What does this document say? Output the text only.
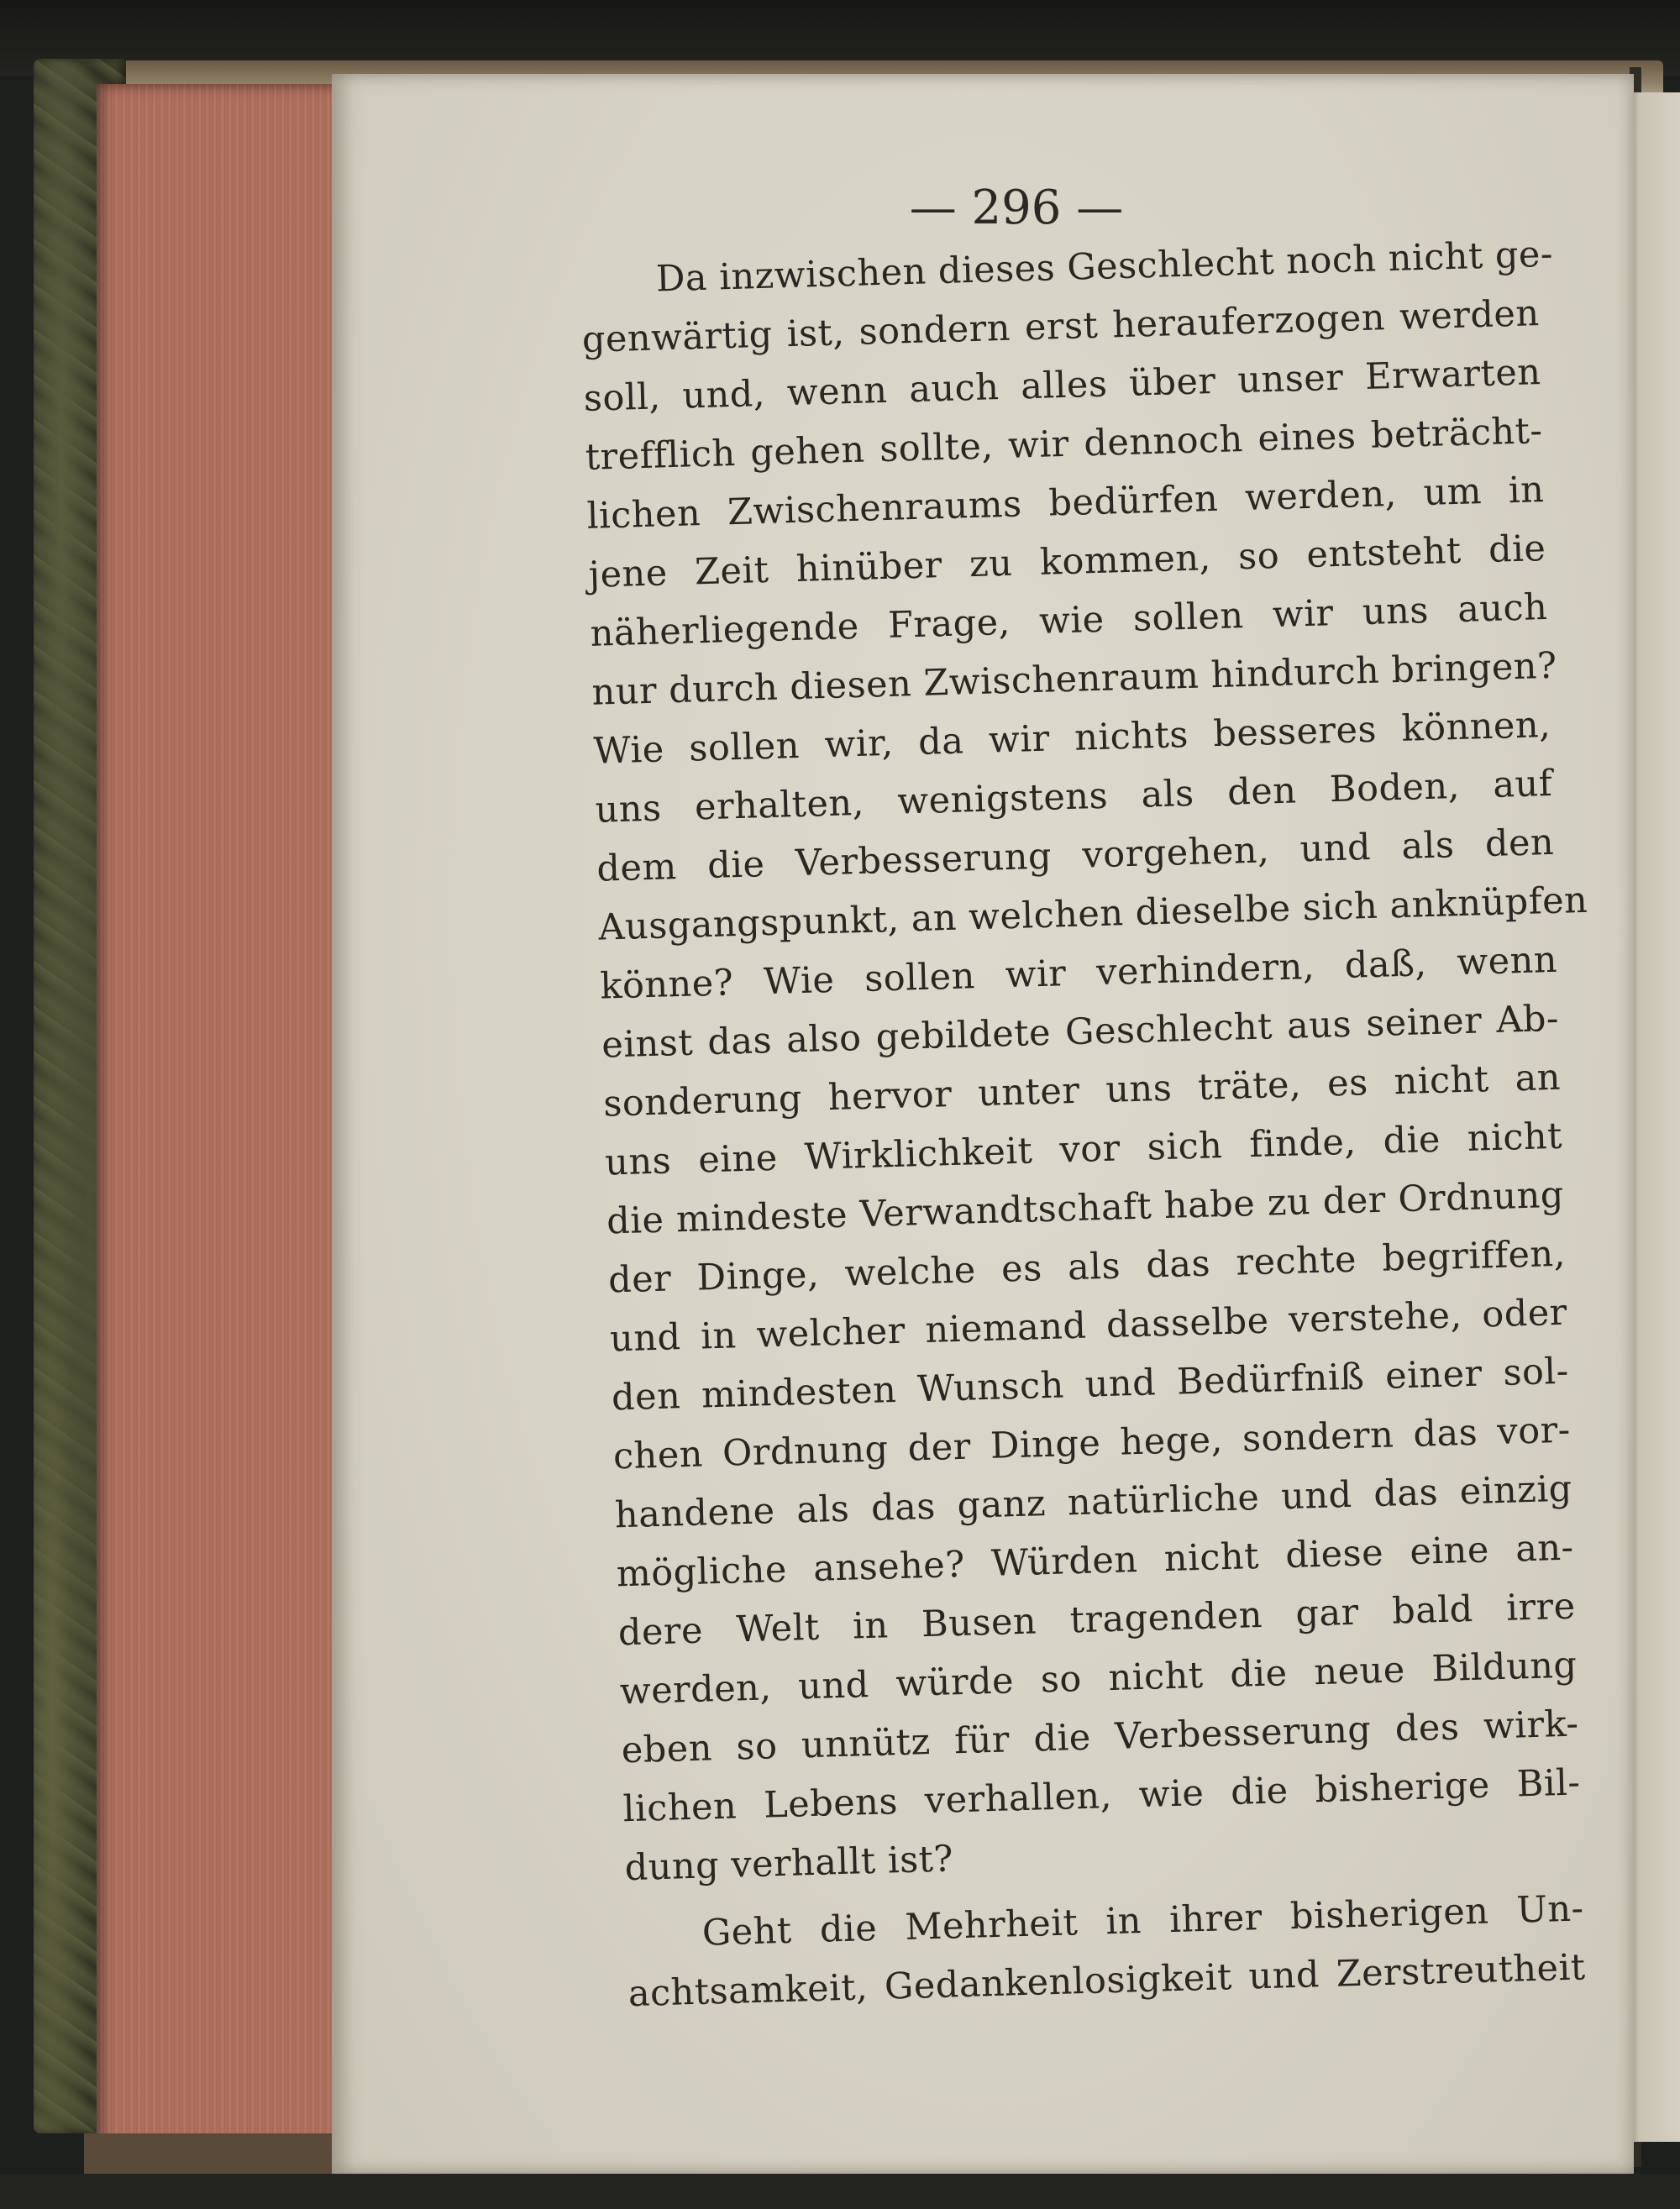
— 296 —
Da inzwischen dieses Geschlecht noch nicht ge-
genwärtig ist, sondern erst herauferzogen werden
soll, und, wenn auch alles über unser Erwarten
trefflich gehen sollte, wir dennoch eines beträcht-
lichen Zwischenraums bedürfen werden, um in
jene Zeit hinüber zu kommen, so entsteht die
näherliegende Frage, wie sollen wir uns auch
nur durch diesen Zwischenraum hindurch bringen?
Wie sollen wir, da wir nichts besseres können,
uns erhalten, wenigstens als den Boden, auf
dem die Verbesserung vorgehen, und als den
Ausgangspunkt, an welchen dieselbe sich anknüpfen
könne? Wie sollen wir verhindern, daß, wenn
einst das also gebildete Geschlecht aus seiner Ab-
sonderung hervor unter uns träte, es nicht an
uns eine Wirklichkeit vor sich finde, die nicht
die mindeste Verwandtschaft habe zu der Ordnung
der Dinge, welche es als das rechte begriffen,
und in welcher niemand dasselbe verstehe, oder
den mindesten Wunsch und Bedürfniß einer sol-
chen Ordnung der Dinge hege, sondern das vor-
handene als das ganz natürliche und das einzig
mögliche ansehe? Würden nicht diese eine an-
dere Welt in Busen tragenden gar bald irre
werden, und würde so nicht die neue Bildung
eben so unnütz für die Verbesserung des wirk-
lichen Lebens verhallen, wie die bisherige Bil-
dung verhallt ist?
Geht die Mehrheit in ihrer bisherigen Un-
achtsamkeit, Gedankenlosigkeit und Zerstreutheit
